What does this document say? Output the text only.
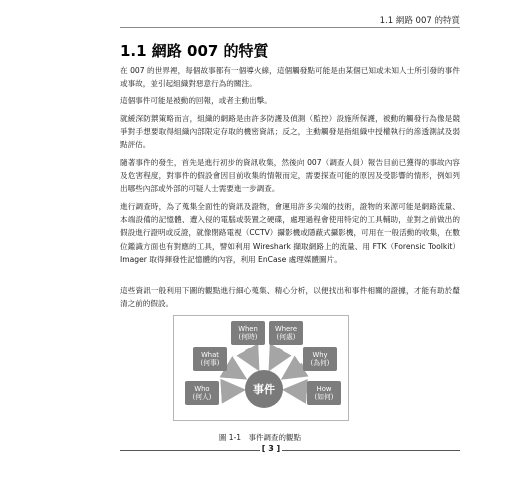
1.1 網路 007 的特質
1.1 網路 007 的特質

在 007 的世界裡，每個故事都有一個導火線，這個觸發點可能是由某個已知或未知人士所引發的事件或事故，並引起組織對惡意行為的關注。

這個事件可能是被動的回報，或者主動出擊。

就緩深防禦策略而言，組織的網路是由許多防護及偵測（監控）設施所保護，被動的觸發行為像是競爭對手想要取得組織內部限定存取的機密資訊；反之，主動觸發是指組織中授權執行的滲透測試及弱點評估。

隨著事件的發生，首先是進行初步的資訊收集，然後向 007（調查人員）報告目前已獲得的事故內容及危害程度，對事件的假設會因目前收集的情報而定，需要探查可能的原因及受影響的情形，例如列出哪些內部或外部的可疑人士需要進一步調查。

進行調查時，為了蒐集全面性的資訊及證物，會運用許多尖端的技術，證物的來源可能是網路流量、本端設備的記憶體、遭入侵的電腦或裝置之硬碟，處理過程會使用特定的工具輔助，並對之前做出的假設進行證明或反證，就像閉路電視（CCTV）攝影機或隱蔽式攝影機，可用在一般活動的收集，在數位鑑識方面也有對應的工具，譬如利用 Wireshark 擷取網路上的流量、用 FTK（Forensic Toolkit）Imager 取得揮發性記憶體的內容，利用 EnCase 處理媒體圖片。

這些資訊一般利用下圖的觀點進行細心蒐集、精心分析，以便找出和事件相關的證據，才能有助於釐清之前的假設。

When
(何時)
Where
(何處)
What
(何事)
Why
(為何)
Who
(何人)
How
(如何)
事件
圖 1-1　事件調查的觀點
[ 3 ]
